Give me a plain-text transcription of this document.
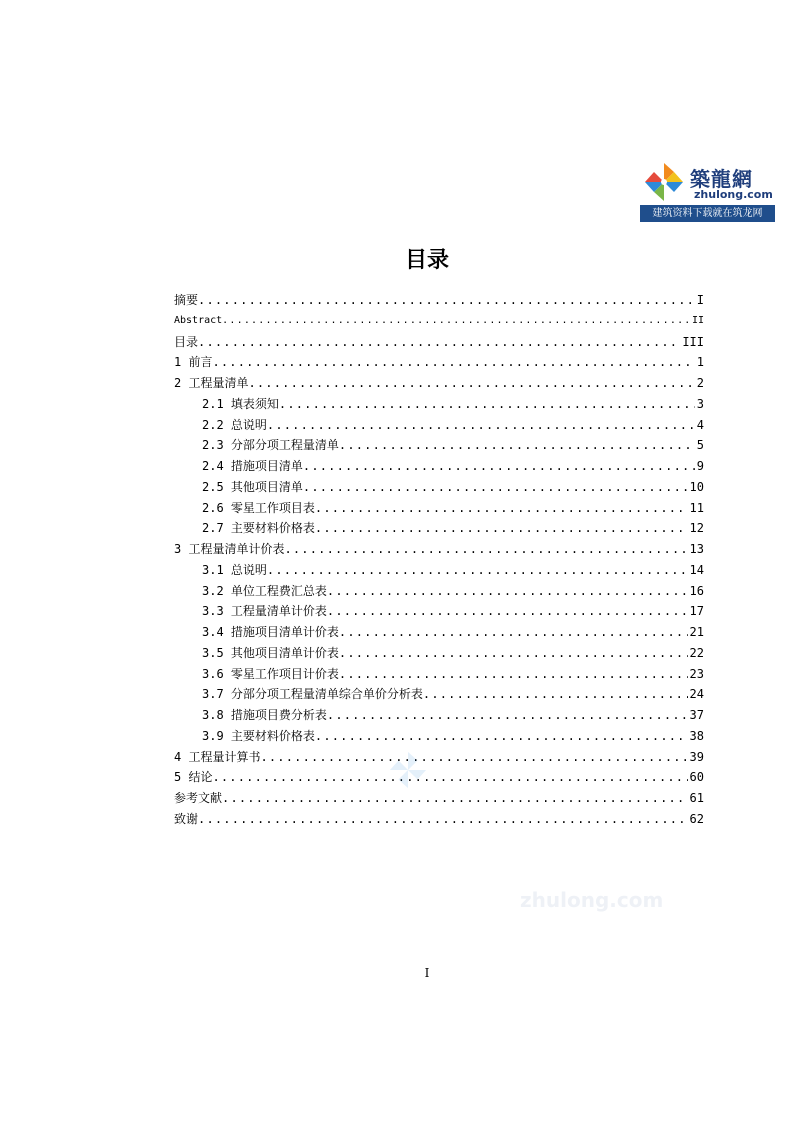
築龍網
zhulong.com
建筑资料下载就在筑龙网
目录
摘要 .....	I
Abstract .....	II
目录 .....	III
1 前言 .....	1
2 工程量清单 .....	2
2.1 填表须知 .....	3
2.2 总说明 .....	4
2.3 分部分项工程量清单 .....	5
2.4 措施项目清单 .....	9
2.5 其他项目清单 .....	10
2.6 零星工作项目表 .....	11
2.7 主要材料价格表 .....	12
3 工程量清单计价表 .....	13
3.1 总说明 .....	14
3.2 单位工程费汇总表 .....	16
3.3 工程量清单计价表 .....	17
3.4 措施项目清单计价表 .....	21
3.5 其他项目清单计价表 .....	22
3.6 零星工作项目计价表 .....	23
3.7 分部分项工程量清单综合单价分析表 .....	24
3.8 措施项目费分析表 .....	37
3.9 主要材料价格表 .....	38
4 工程量计算书 .....	39
5 结论 .....	60
参考文献 .....	61
致谢 .....	62
zhulong.com
I
